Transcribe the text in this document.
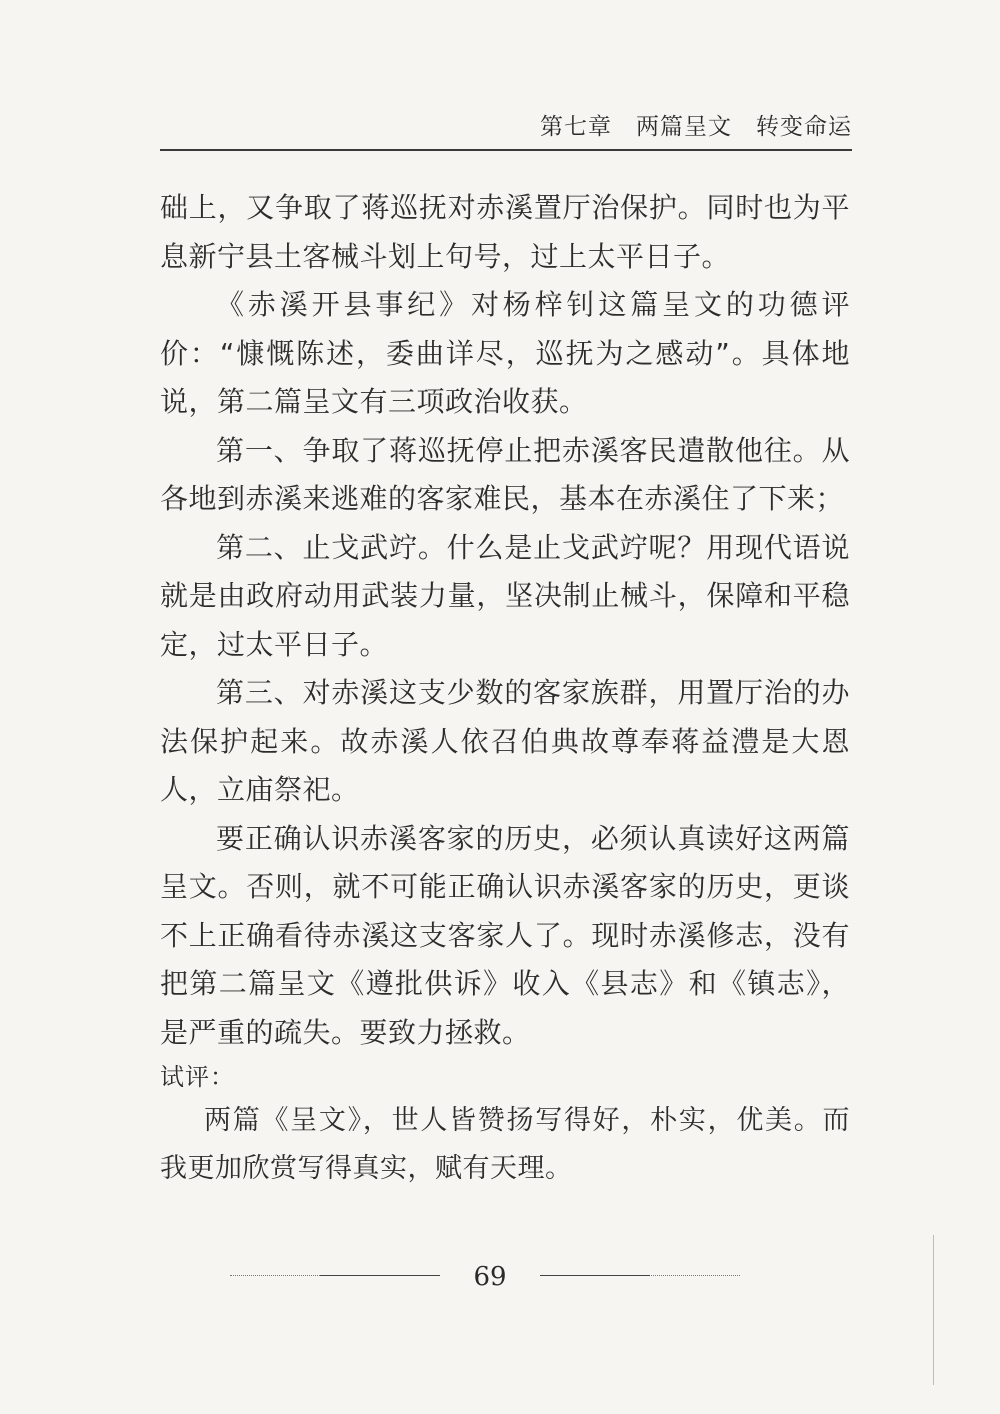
第七章　两篇呈文　转变命运

础上，又争取了蒋巡抚对赤溪置厅治保护。同时也为平息新宁县土客械斗划上句号，过上太平日子。

《赤溪开县事纪》对杨梓钊这篇呈文的功德评价：“慷慨陈述，委曲详尽，巡抚为之感动”。具体地说，第二篇呈文有三项政治收获。

第一、争取了蒋巡抚停止把赤溪客民遣散他往。从各地到赤溪来逃难的客家难民，基本在赤溪住了下来；

第二、止戈武竚。什么是止戈武竚呢？用现代语说就是由政府动用武装力量，坚决制止械斗，保障和平稳定，过太平日子。

第三、对赤溪这支少数的客家族群，用置厅治的办法保护起来。故赤溪人依召伯典故尊奉蒋益澧是大恩人，立庙祭祀。

要正确认识赤溪客家的历史，必须认真读好这两篇呈文。否则，就不可能正确认识赤溪客家的历史，更谈不上正确看待赤溪这支客家人了。现时赤溪修志，没有把第二篇呈文《遵批供诉》收入《县志》和《镇志》，是严重的疏失。要致力拯救。

试评：

两篇《呈文》，世人皆赞扬写得好，朴实，优美。而我更加欣赏写得真实，赋有天理。

69
